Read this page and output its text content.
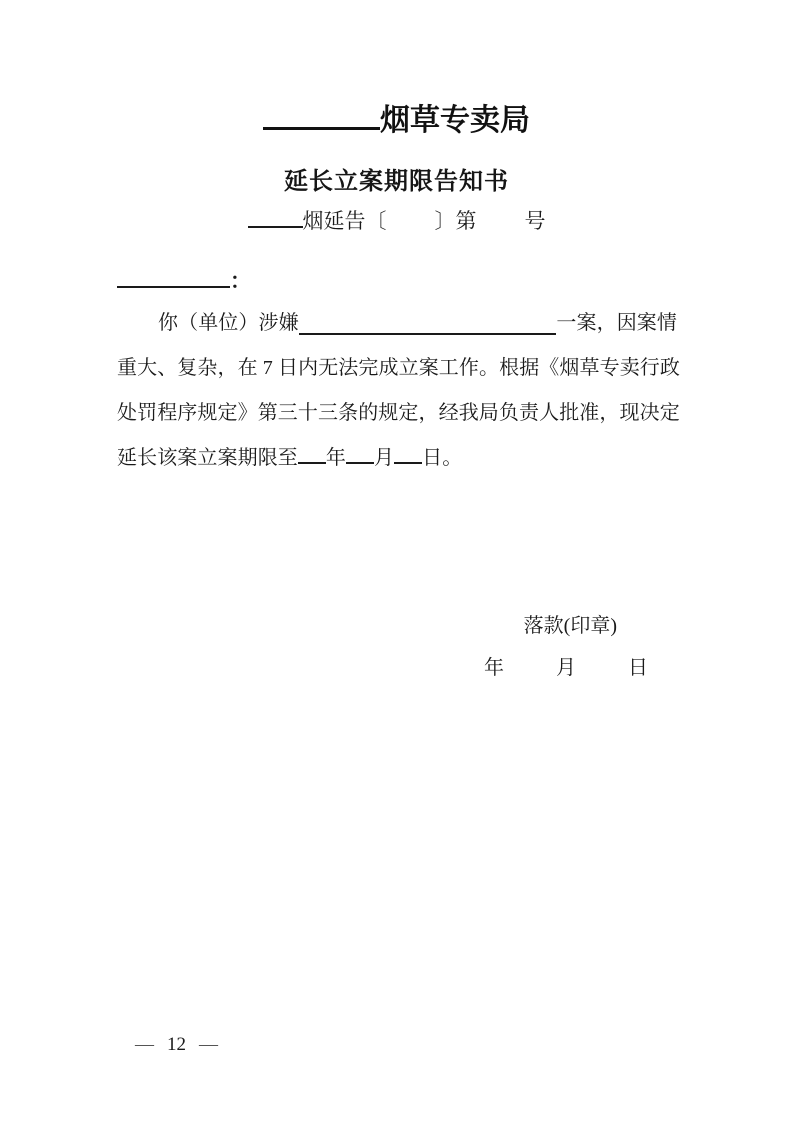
烟草专卖局
延长立案期限告知书
烟延告〔 〕第 号
：
你（单位）涉嫌	一案，因案情
重大、复杂，在 7 日内无法完成立案工作。根据《烟草专卖行政
处罚程序规定》第三十三条的规定，经我局负责人批准，现决定
延长该案立案期限至 年 月 日。
落款(印章)
年	月	日
— 12 —
